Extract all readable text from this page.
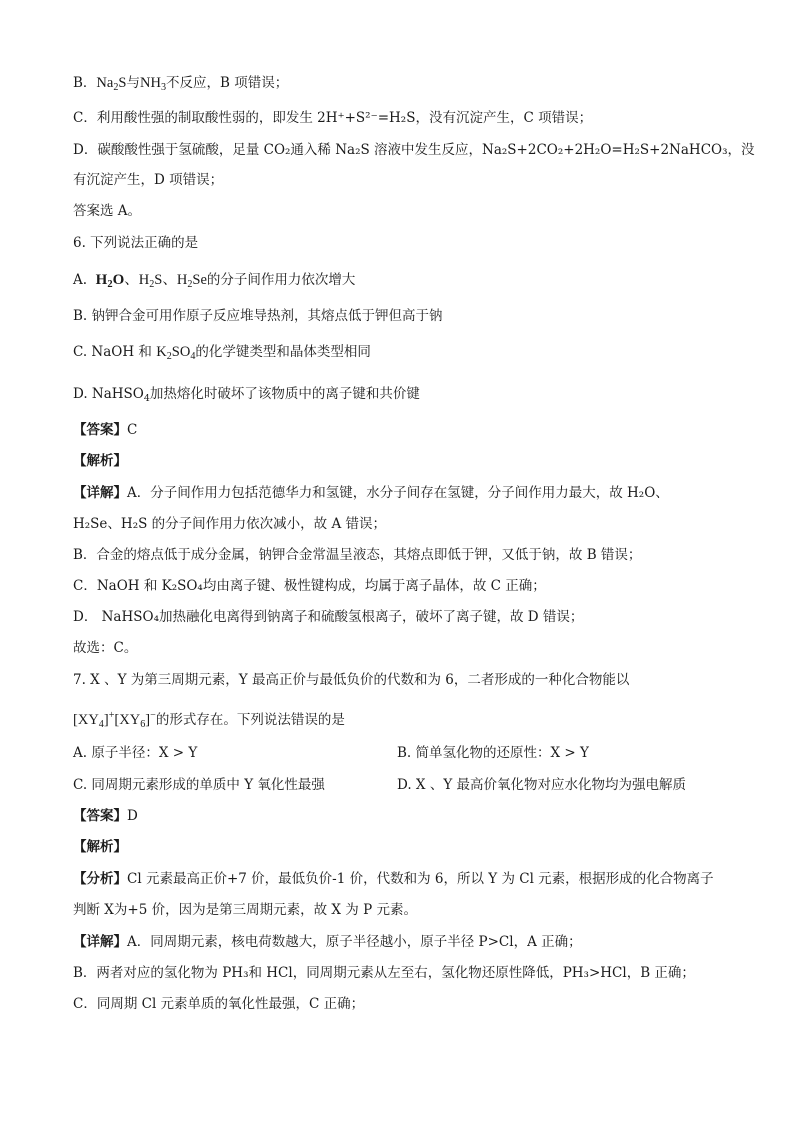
B．$Na_2S$与$NH_3$不反应，B 项错误；
C．利用酸性强的制取酸性弱的，即发生 2H⁺+S²⁻=H₂S，没有沉淀产生，C 项错误；
D．碳酸酸性强于氢硫酸，足量 CO₂通入稀 Na₂S 溶液中发生反应，Na₂S+2CO₂+2H₂O=H₂S+2NaHCO₃，没
有沉淀产生，D 项错误；
答案选 A。
6. 下列说法正确的是
A. $H_2O$、$H_2S$、$H_2Se$的分子间作用力依次增大
B. 钠钾合金可用作原子反应堆导热剂，其熔点低于钾但高于钠
C. NaOH 和 $K_2SO_4$的化学键类型和晶体类型相同
D. NaHSO$_4$加热熔化时破坏了该物质中的离子键和共价键
【答案】C
【解析】
【详解】A．分子间作用力包括范德华力和氢键，水分子间存在氢键，分子间作用力最大，故 H₂O、
H₂Se、H₂S 的分子间作用力依次减小，故 A 错误；
B．合金的熔点低于成分金属，钠钾合金常温呈液态，其熔点即低于钾，又低于钠，故 B 错误；
C．NaOH 和 K₂SO₄均由离子键、极性键构成，均属于离子晶体，故 C 正确；
D． NaHSO₄加热融化电离得到钠离子和硫酸氢根离子，破坏了离子键，故 D 错误；
故选：C。
7. X 、Y 为第三周期元素，Y 最高正价与最低负价的代数和为 6，二者形成的一种化合物能以
$[XY_4]^+[XY_6]^-$的形式存在。下列说法错误的是
A. 原子半径：X > Y	B. 简单氢化物的还原性：X > Y
C. 同周期元素形成的单质中 Y 氧化性最强	D. X 、Y 最高价氧化物对应水化物均为强电解质
【答案】D
【解析】
【分析】Cl 元素最高正价+7 价，最低负价-1 价，代数和为 6，所以 Y 为 Cl 元素，根据形成的化合物离子
判断 X为+5 价，因为是第三周期元素，故 X 为 P 元素。
【详解】A．同周期元素，核电荷数越大，原子半径越小，原子半径 P>Cl，A 正确；
B．两者对应的氢化物为 PH₃和 HCl，同周期元素从左至右，氢化物还原性降低，PH₃>HCl，B 正确；
C．同周期 Cl 元素单质的氧化性最强，C 正确；
